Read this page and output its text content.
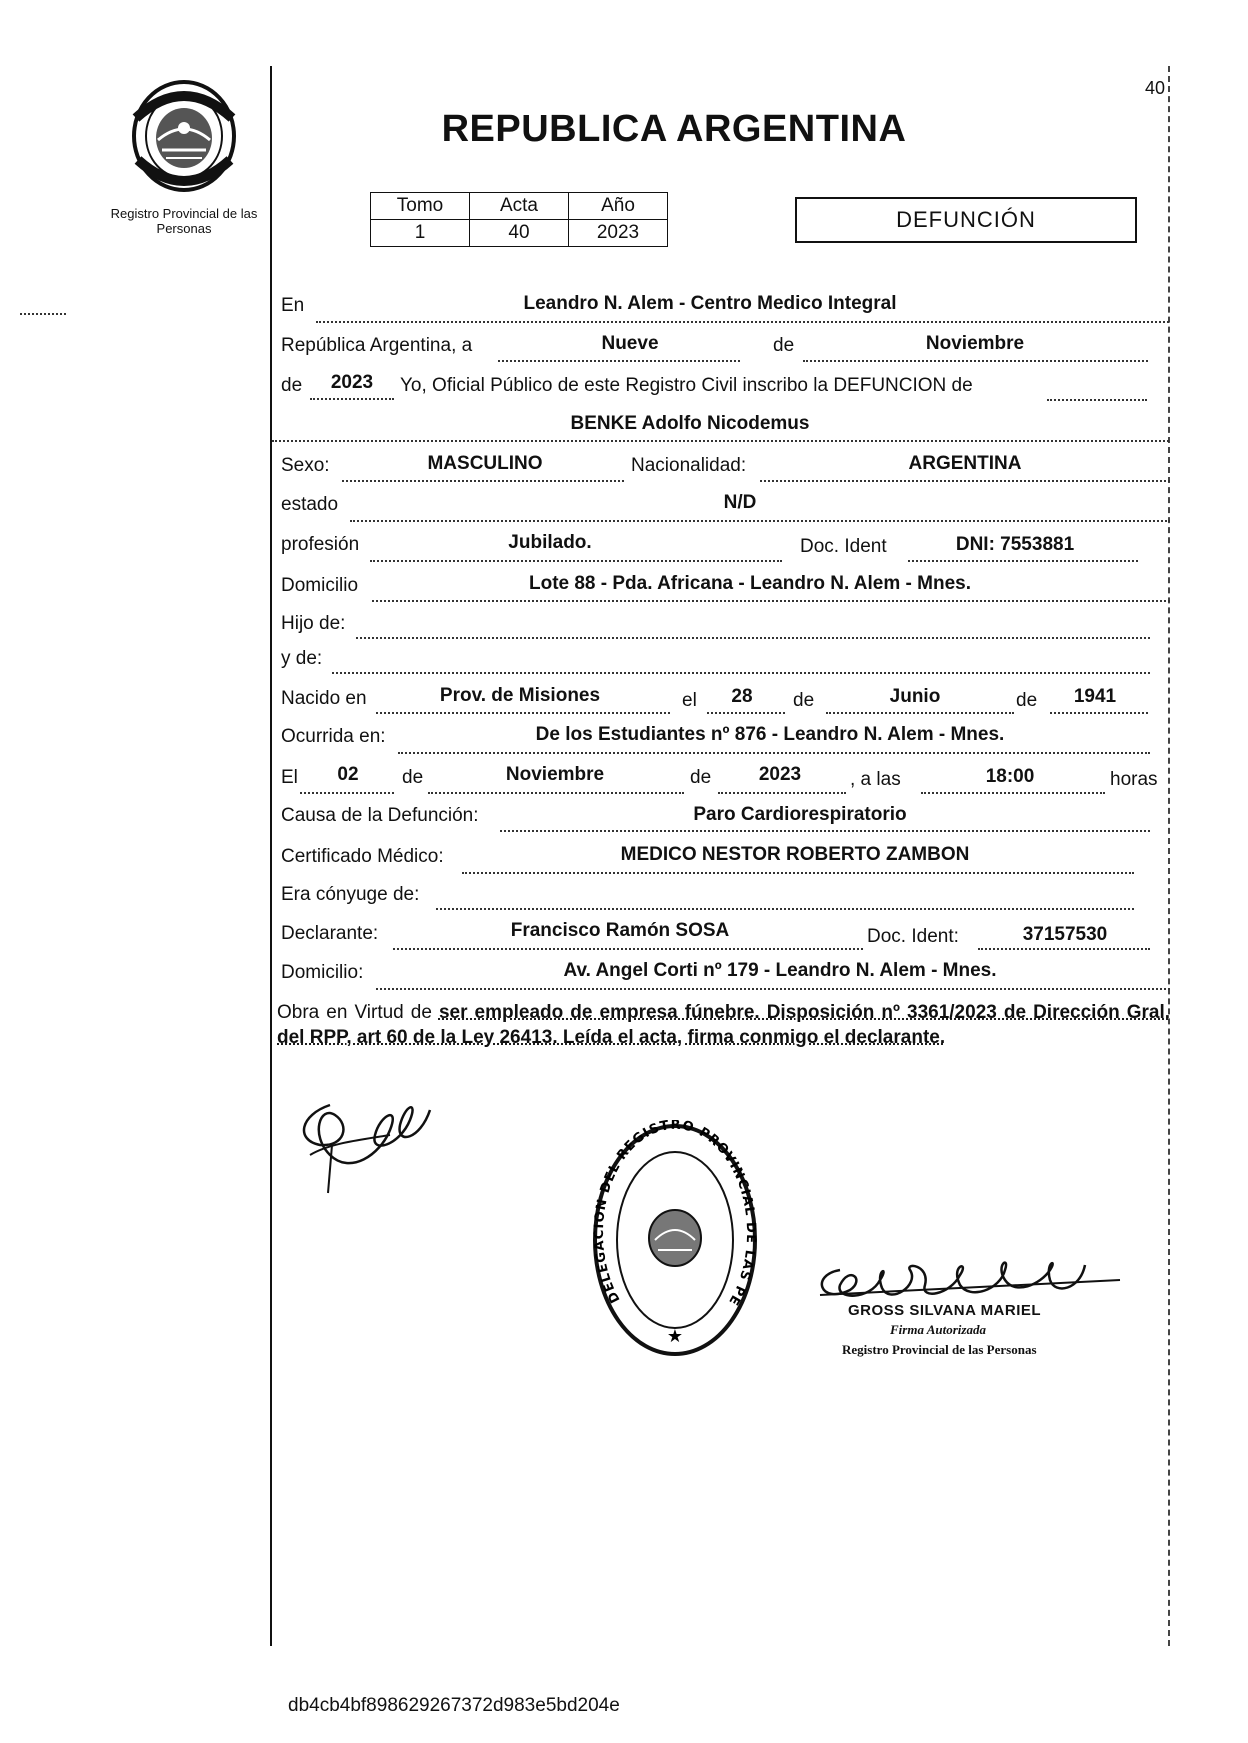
40
Registro Provincial de las Personas
REPUBLICA ARGENTINA
Tomo	Acta	Año
1	40	2023
DEFUNCIÓN
En	Leandro N. Alem - Centro Medico Integral
República Argentina, a	Nueve	de	Noviembre
de	2023	Yo, Oficial Público de este Registro Civil inscribo la DEFUNCION de
BENKE Adolfo Nicodemus
Sexo:	MASCULINO	Nacionalidad:	ARGENTINA
estado	N/D
profesión	Jubilado.	Doc. Ident	DNI: 7553881
Domicilio	Lote 88 - Pda. Africana - Leandro N. Alem - Mnes.
Hijo de:
y de:
Nacido en	Prov. de Misiones	el	28	de	Junio	de	1941
Ocurrida en:	De los Estudiantes nº 876 - Leandro N. Alem - Mnes.
El	02	de	Noviembre	de	2023	, a las	18:00	horas
Causa de la Defunción:	Paro Cardiorespiratorio
Certificado Médico:	MEDICO NESTOR ROBERTO ZAMBON
Era cónyuge de:
Declarante:	Francisco Ramón SOSA	Doc. Ident:	37157530
Domicilio:	Av. Angel Corti nº 179 - Leandro N. Alem - Mnes.
Obra en Virtud de ser empleado de empresa fúnebre. Disposición nº 3361/2023 de Dirección Gral. del RPP, art 60 de la Ley 26413. Leída el acta, firma conmigo el declarante.
★
DELEGACION DEL REGISTRO PROVINCIAL DE LAS PE
GROSS SILVANA MARIEL
Firma Autorizada
Registro Provincial de las Personas
db4cb4bf898629267372d983e5bd204e
